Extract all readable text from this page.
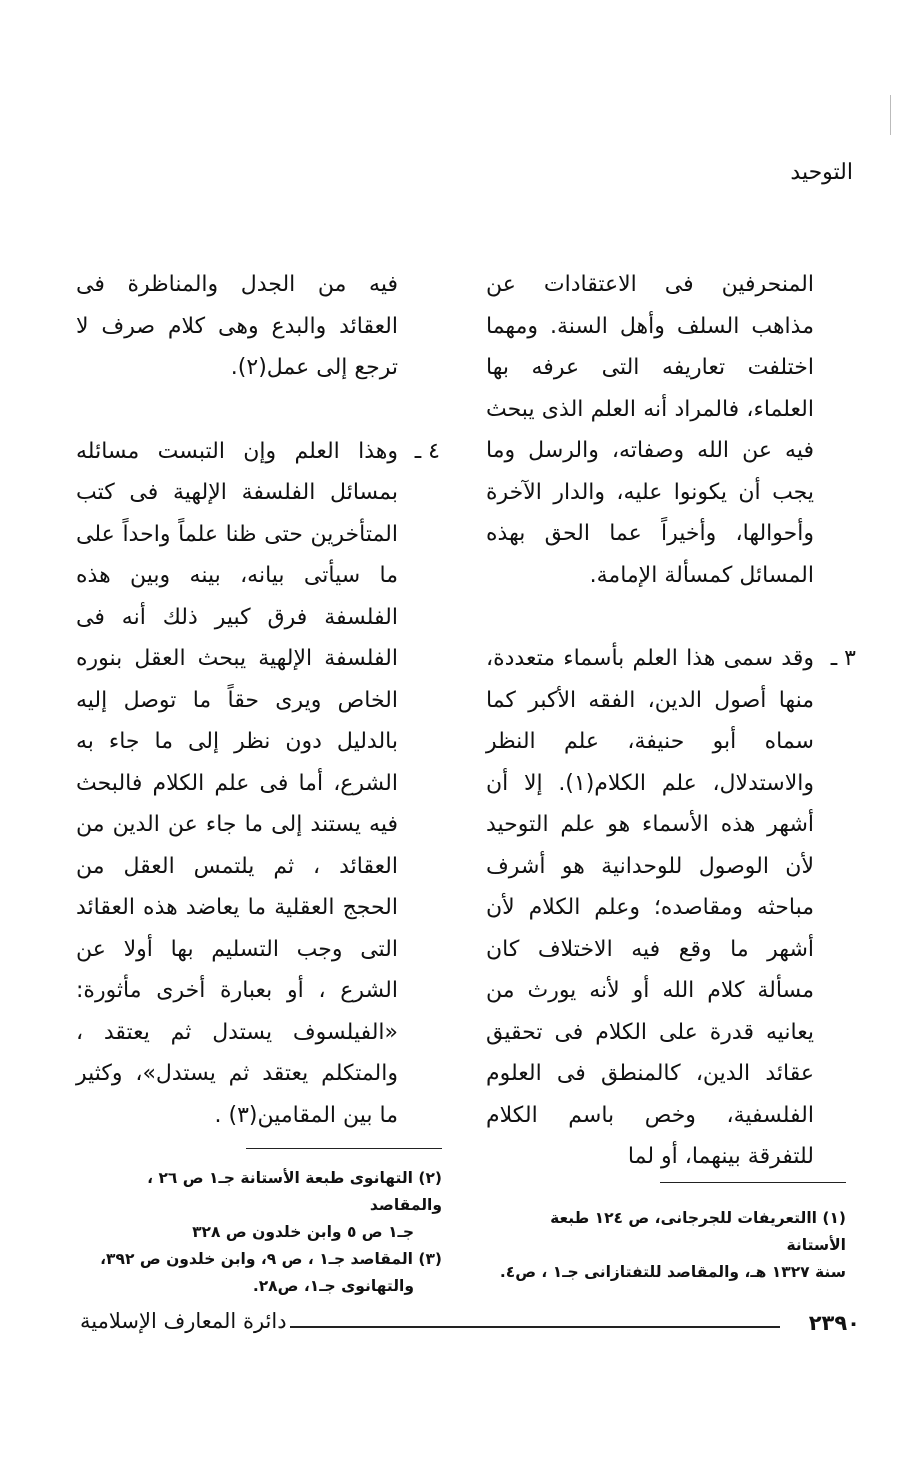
التوحيد

المنحرفين فى الاعتقادات عن مذاهب السلف وأهل السنة. ومهما اختلفت تعاريفه التى عرفه بها العلماء، فالمراد أنه العلم الذى يبحث فيه عن الله وصفاته، والرسل وما يجب أن يكونوا عليه، والدار الآخرة وأحوالها، وأخيراً عما الحق بهذه المسائل كمسألة الإمامة.

٣ ـ
وقد سمى هذا العلم بأسماء متعددة، منها أصول الدين، الفقه الأكبر كما سماه أبو حنيفة، علم النظر والاستدلال، علم الكلام(١). إلا أن أشهر هذه الأسماء هو علم التوحيد لأن الوصول للوحدانية هو أشرف مباحثه ومقاصده؛ وعلم الكلام لأن أشهر ما وقع فيه الاختلاف كان مسألة كلام الله أو لأنه يورث من يعانيه قدرة على الكلام فى تحقيق عقائد الدين، كالمنطق فى العلوم الفلسفية، وخص باسم الكلام للتفرقة بينهما، أو لما

فيه من الجدل والمناظرة فى العقائد والبدع وهى كلام صرف لا ترجع إلى عمل(٢).

٤ ـ
وهذا العلم وإن التبست مسائله بمسائل الفلسفة الإلهية فى كتب المتأخرين حتى ظنا علماً واحداً على ما سيأتى بيانه، بينه وبين هذه الفلسفة فرق كبير ذلك أنه فى الفلسفة الإلهية يبحث العقل بنوره الخاص ويرى حقاً ما توصل إليه بالدليل دون نظر إلى ما جاء به الشرع، أما فى علم الكلام فالبحث فيه يستند إلى ما جاء عن الدين من العقائد ، ثم يلتمس العقل من الحجج العقلية ما يعاضد هذه العقائد التى وجب التسليم بها أولا عن الشرع ، أو بعبارة أخرى مأثورة: «الفيلسوف يستدل ثم يعتقد ، والمتكلم يعتقد ثم يستدل»، وكثير ما بين المقامين(٣) .
(١) االتعريفات للجرجانى، ص ١٢٤ طبعة الأستانة
سنة ١٣٢٧ هـ، والمقاصد للتفتازانى جـ١ ، ص٤.
(٢) التهانوى طبعة الأستانة جـ١ ص ٢٦ ، والمقاصد
جـ١ ص ٥ وابن خلدون ص ٣٢٨
(٣) المقاصد جـ١ ، ص ٩، وابن خلدون ص ٣٩٢،
والتهانوى جـ١، ص٢٨.
٢٣٩٠
دائرة المعارف الإسلامية
